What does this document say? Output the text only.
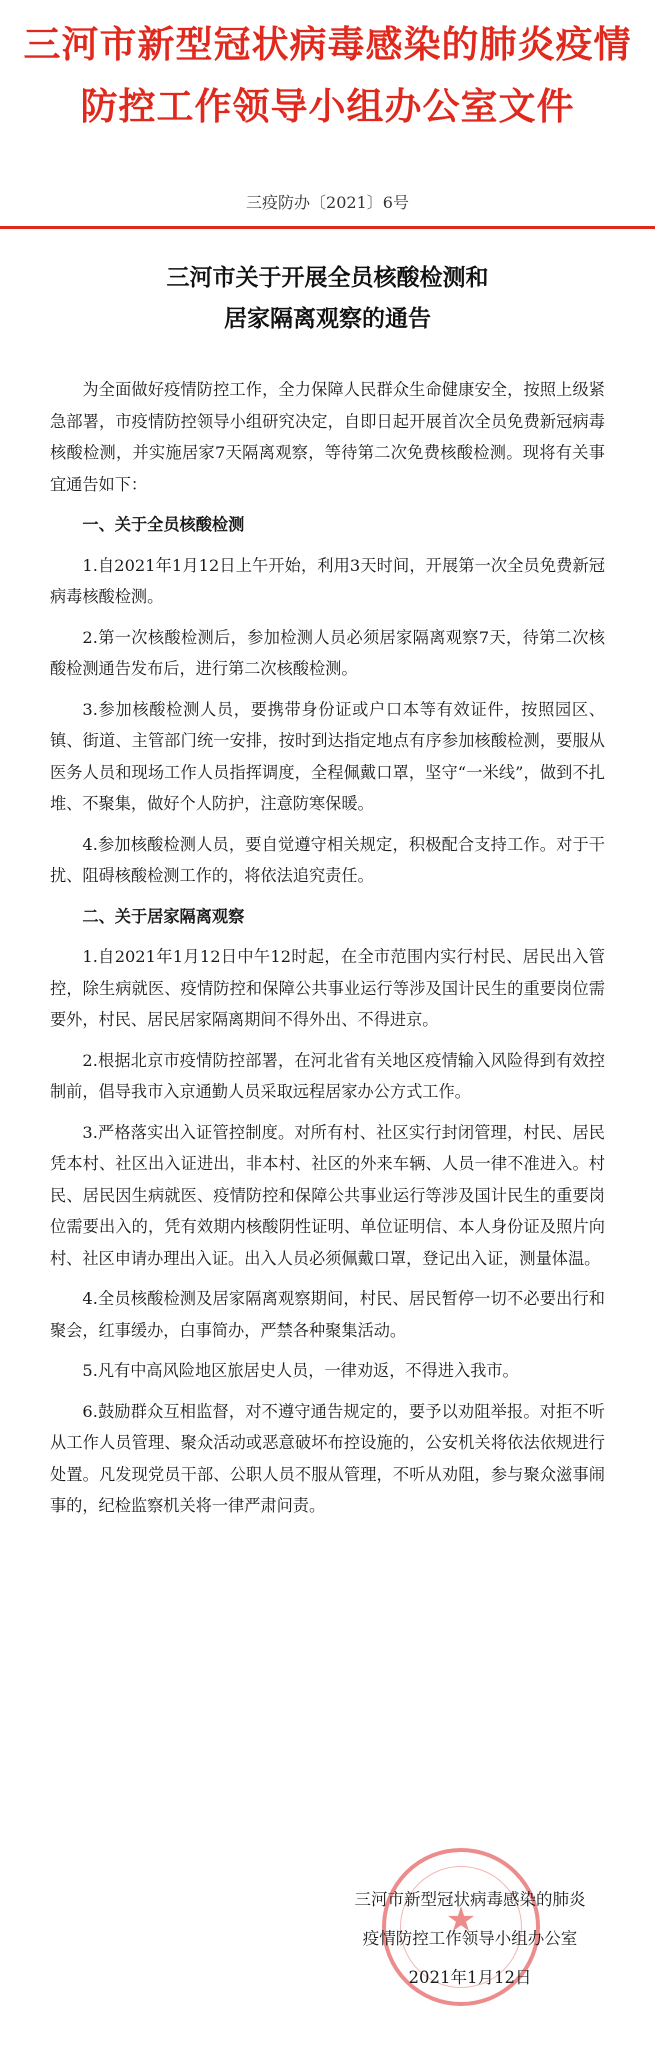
三河市新型冠状病毒感染的肺炎疫情
防控工作领导小组办公室文件
三疫防办〔2021〕6号
三河市关于开展全员核酸检测和
居家隔离观察的通告

为全面做好疫情防控工作，全力保障人民群众生命健康安全，按照上级紧急部署，市疫情防控领导小组研究决定，自即日起开展首次全员免费新冠病毒核酸检测，并实施居家7天隔离观察，等待第二次免费核酸检测。现将有关事宜通告如下：

一、关于全员核酸检测

1.自2021年1月12日上午开始，利用3天时间，开展第一次全员免费新冠病毒核酸检测。

2.第一次核酸检测后，参加检测人员必须居家隔离观察7天，待第二次核酸检测通告发布后，进行第二次核酸检测。

3.参加核酸检测人员，要携带身份证或户口本等有效证件，按照园区、镇、街道、主管部门统一安排，按时到达指定地点有序参加核酸检测，要服从医务人员和现场工作人员指挥调度，全程佩戴口罩，坚守“一米线”，做到不扎堆、不聚集，做好个人防护，注意防寒保暖。

4.参加核酸检测人员，要自觉遵守相关规定，积极配合支持工作。对于干扰、阻碍核酸检测工作的，将依法追究责任。

二、关于居家隔离观察

1.自2021年1月12日中午12时起，在全市范围内实行村民、居民出入管控，除生病就医、疫情防控和保障公共事业运行等涉及国计民生的重要岗位需要外，村民、居民居家隔离期间不得外出、不得进京。

2.根据北京市疫情防控部署，在河北省有关地区疫情输入风险得到有效控制前，倡导我市入京通勤人员采取远程居家办公方式工作。

3.严格落实出入证管控制度。对所有村、社区实行封闭管理，村民、居民凭本村、社区出入证进出，非本村、社区的外来车辆、人员一律不准进入。村民、居民因生病就医、疫情防控和保障公共事业运行等涉及国计民生的重要岗位需要出入的，凭有效期内核酸阴性证明、单位证明信、本人身份证及照片向村、社区申请办理出入证。出入人员必须佩戴口罩，登记出入证，测量体温。

4.全员核酸检测及居家隔离观察期间，村民、居民暂停一切不必要出行和聚会，红事缓办，白事简办，严禁各种聚集活动。

5.凡有中高风险地区旅居史人员，一律劝返，不得进入我市。

6.鼓励群众互相监督，对不遵守通告规定的，要予以劝阻举报。对拒不听从工作人员管理、聚众活动或恶意破坏布控设施的，公安机关将依法依规进行处置。凡发现党员干部、公职人员不服从管理，不听从劝阻，参与聚众滋事闹事的，纪检监察机关将一律严肃问责。

★
三河市新型冠状病毒感染的肺炎
疫情防控工作领导小组办公室
2021年1月12日
